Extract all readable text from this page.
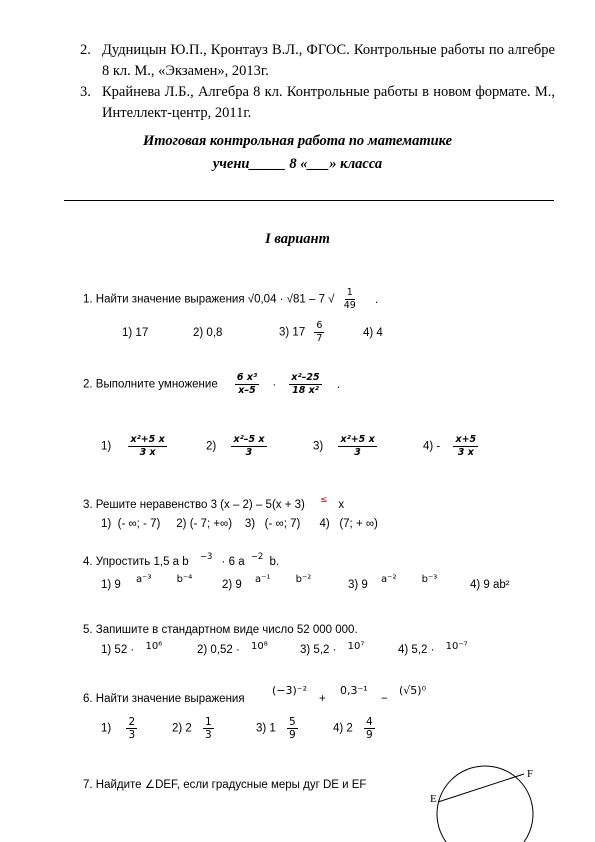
2. Дудницын Ю.П., Кронтауз В.Л., ФГОС. Контрольные работы по алгебре 8 кл. М., «Экзамен», 2013г.
3. Крайнева Л.Б., Алгебра 8 кл. Контрольные работы в новом формате. М., Интеллект-центр, 2011г.
Итоговая контрольная работа по математике
учени_____ 8 «___» класса
I вариант
1. Найти значение выражения √0,04 · √81 – 7 √ $\frac{1}{49}$ .
1) 17	2) 0,8	3) $17 \frac{6}{7}$	4) 4
2. Выполните умножение $\frac{\text{6 x³}}{x-5} \cdot \frac{\text{x²–25}}{\text{18 x²}}$ .
$1) \frac{\text{x²+5 x}}{3 x}$	$2) \frac{\text{x²–5 x}}{3}$	$3) \frac{\text{x²+5 x}}{3}$	$4) - \frac{x+5}{3 x}$
3. Решите неравенство 3 (х – 2) – 5(х + 3) ≤ x
1)  (- ∞; - 7)     2) (- 7; +∞)    3)   (- ∞; 7)      4)   (7; + ∞)
4. Упростить 1,5 a b $^{-3}$ · 6 a $^{-2}$ b.
1) 9 a⁻³	b⁻⁴	2) 9 a⁻¹	b⁻²	3) 9 a⁻²	b⁻³	4) 9 ab²
5. Запишите в стандартном виде число 52 000 000.
1) 52 · 10⁶	2) 0,52 · 10⁸	3) 5,2 · 10⁷	4) 5,2 · 10⁻⁷
6. Найти значение выражения
(−3)⁻²
+
0,3⁻¹
−
(√5)⁰
$1) \frac{2}{3}$	2) $2 \frac{1}{3}$	3) $1 \frac{5}{9}$	4) $2 \frac{4}{9}$
7. Найдите ∠DEF, если градусные меры дуг DE и EF
E
F
